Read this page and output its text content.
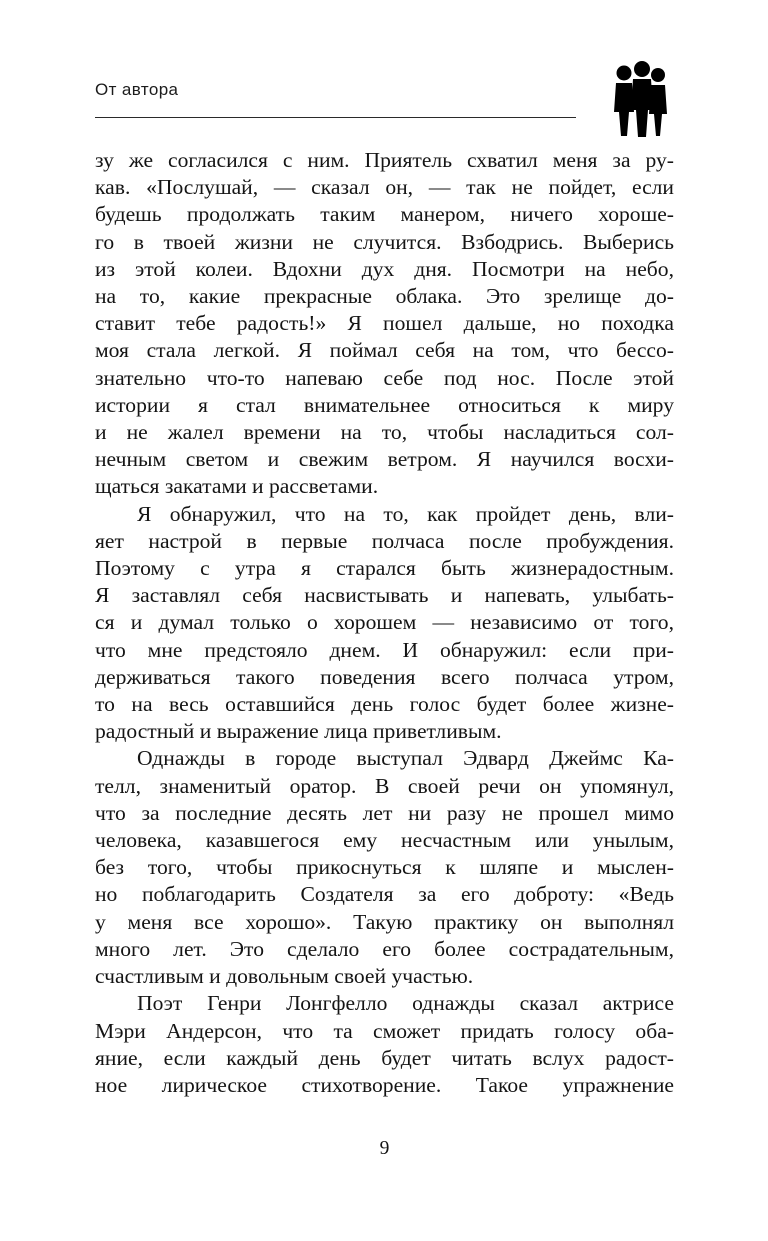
От автора
зу же согласился с ним. Приятель схватил меня за ру-
кав. «Послушай, — сказал он, — так не пойдет, если
будешь продолжать таким манером, ничего хороше-
го в твоей жизни не случится. Взбодрись. Выберись
из этой колеи. Вдохни дух дня. Посмотри на небо,
на то, какие прекрасные облака. Это зрелище до-
ставит тебе радость!» Я пошел дальше, но походка
моя стала легкой. Я поймал себя на том, что бессо-
знательно что-то напеваю себе под нос. После этой
истории я стал внимательнее относиться к миру
и не жалел времени на то, чтобы насладиться сол-
нечным светом и свежим ветром. Я научился восхи-
щаться закатами и рассветами.
Я обнаружил, что на то, как пройдет день, вли-
яет настрой в первые полчаса после пробуждения.
Поэтому с утра я старался быть жизнерадостным.
Я заставлял себя насвистывать и напевать, улыбать-
ся и думал только о хорошем — независимо от того,
что мне предстояло днем. И обнаружил: если при-
держиваться такого поведения всего полчаса утром,
то на весь оставшийся день голос будет более жизне-
радостный и выражение лица приветливым.
Однажды в городе выступал Эдвард Джеймс Ка-
телл, знаменитый оратор. В своей речи он упомянул,
что за последние десять лет ни разу не прошел мимо
человека, казавшегося ему несчастным или унылым,
без того, чтобы прикоснуться к шляпе и мыслен-
но поблагодарить Создателя за его доброту: «Ведь
у меня все хорошо». Такую практику он выполнял
много лет. Это сделало его более сострадательным,
счастливым и довольным своей участью.
Поэт Генри Лонгфелло однажды сказал актрисе
Мэри Андерсон, что та сможет придать голосу оба-
яние, если каждый день будет читать вслух радост-
ное лирическое стихотворение. Такое упражнение
9
